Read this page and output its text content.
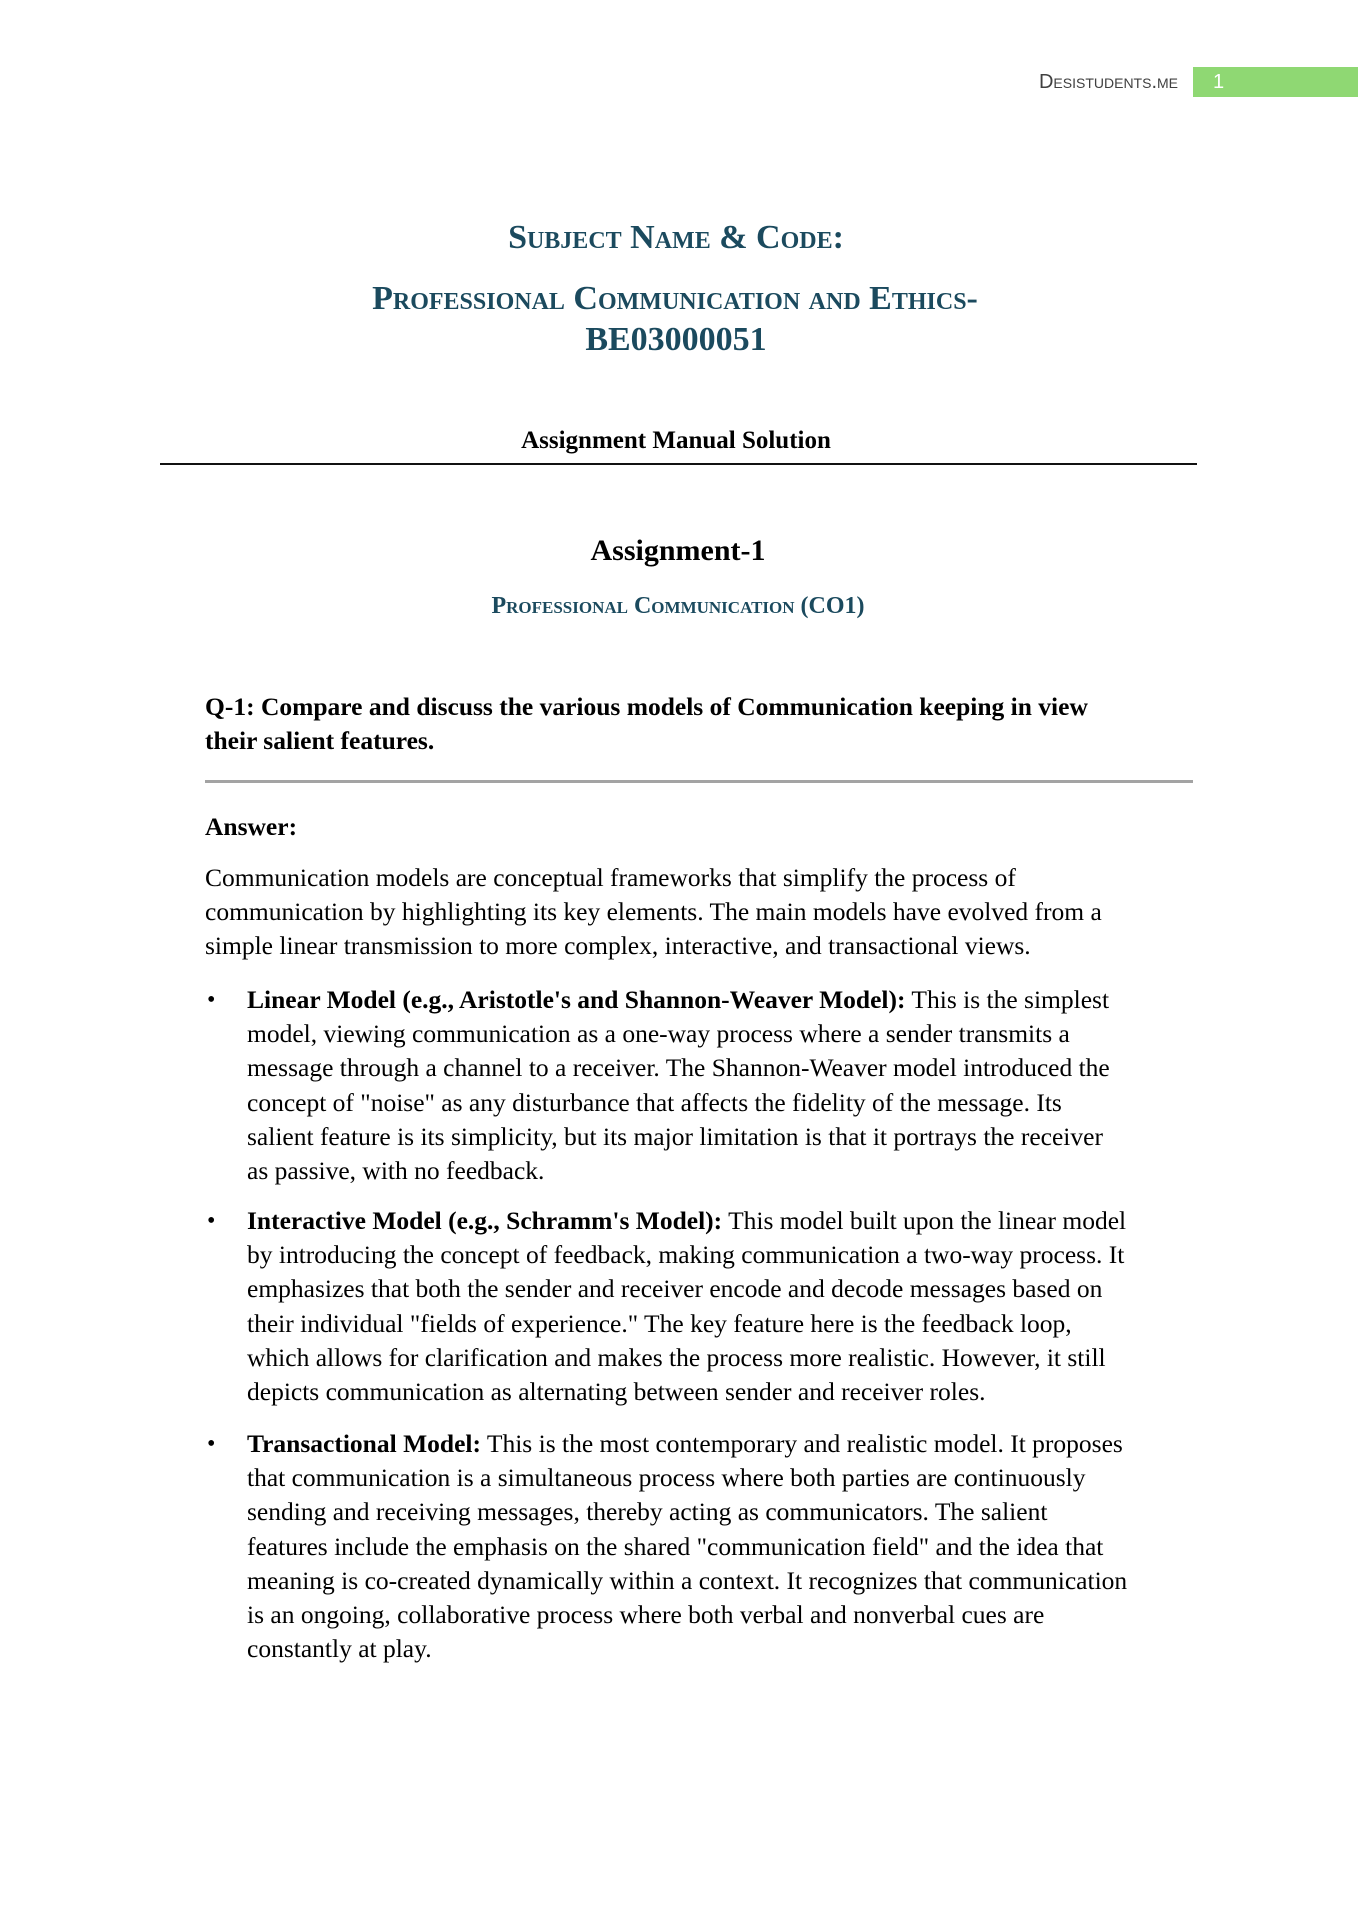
Desistudents.me 1
Subject Name & Code:
Professional Communication and Ethics-
BE03000051
Assignment Manual Solution
Assignment-1
Professional Communication (CO1)
Q-1: Compare and discuss the various models of Communication keeping in view
their salient features.
Answer:
Communication models are conceptual frameworks that simplify the process of
communication by highlighting its key elements. The main models have evolved from a
simple linear transmission to more complex, interactive, and transactional views.
• Linear Model (e.g., Aristotle's and Shannon-Weaver Model): This is the simplest
model, viewing communication as a one-way process where a sender transmits a
message through a channel to a receiver. The Shannon-Weaver model introduced the
concept of "noise" as any disturbance that affects the fidelity of the message. Its
salient feature is its simplicity, but its major limitation is that it portrays the receiver
as passive, with no feedback.
• Interactive Model (e.g., Schramm's Model): This model built upon the linear model
by introducing the concept of feedback, making communication a two-way process. It
emphasizes that both the sender and receiver encode and decode messages based on
their individual "fields of experience." The key feature here is the feedback loop,
which allows for clarification and makes the process more realistic. However, it still
depicts communication as alternating between sender and receiver roles.
• Transactional Model: This is the most contemporary and realistic model. It proposes
that communication is a simultaneous process where both parties are continuously
sending and receiving messages, thereby acting as communicators. The salient
features include the emphasis on the shared "communication field" and the idea that
meaning is co-created dynamically within a context. It recognizes that communication
is an ongoing, collaborative process where both verbal and nonverbal cues are
constantly at play.
